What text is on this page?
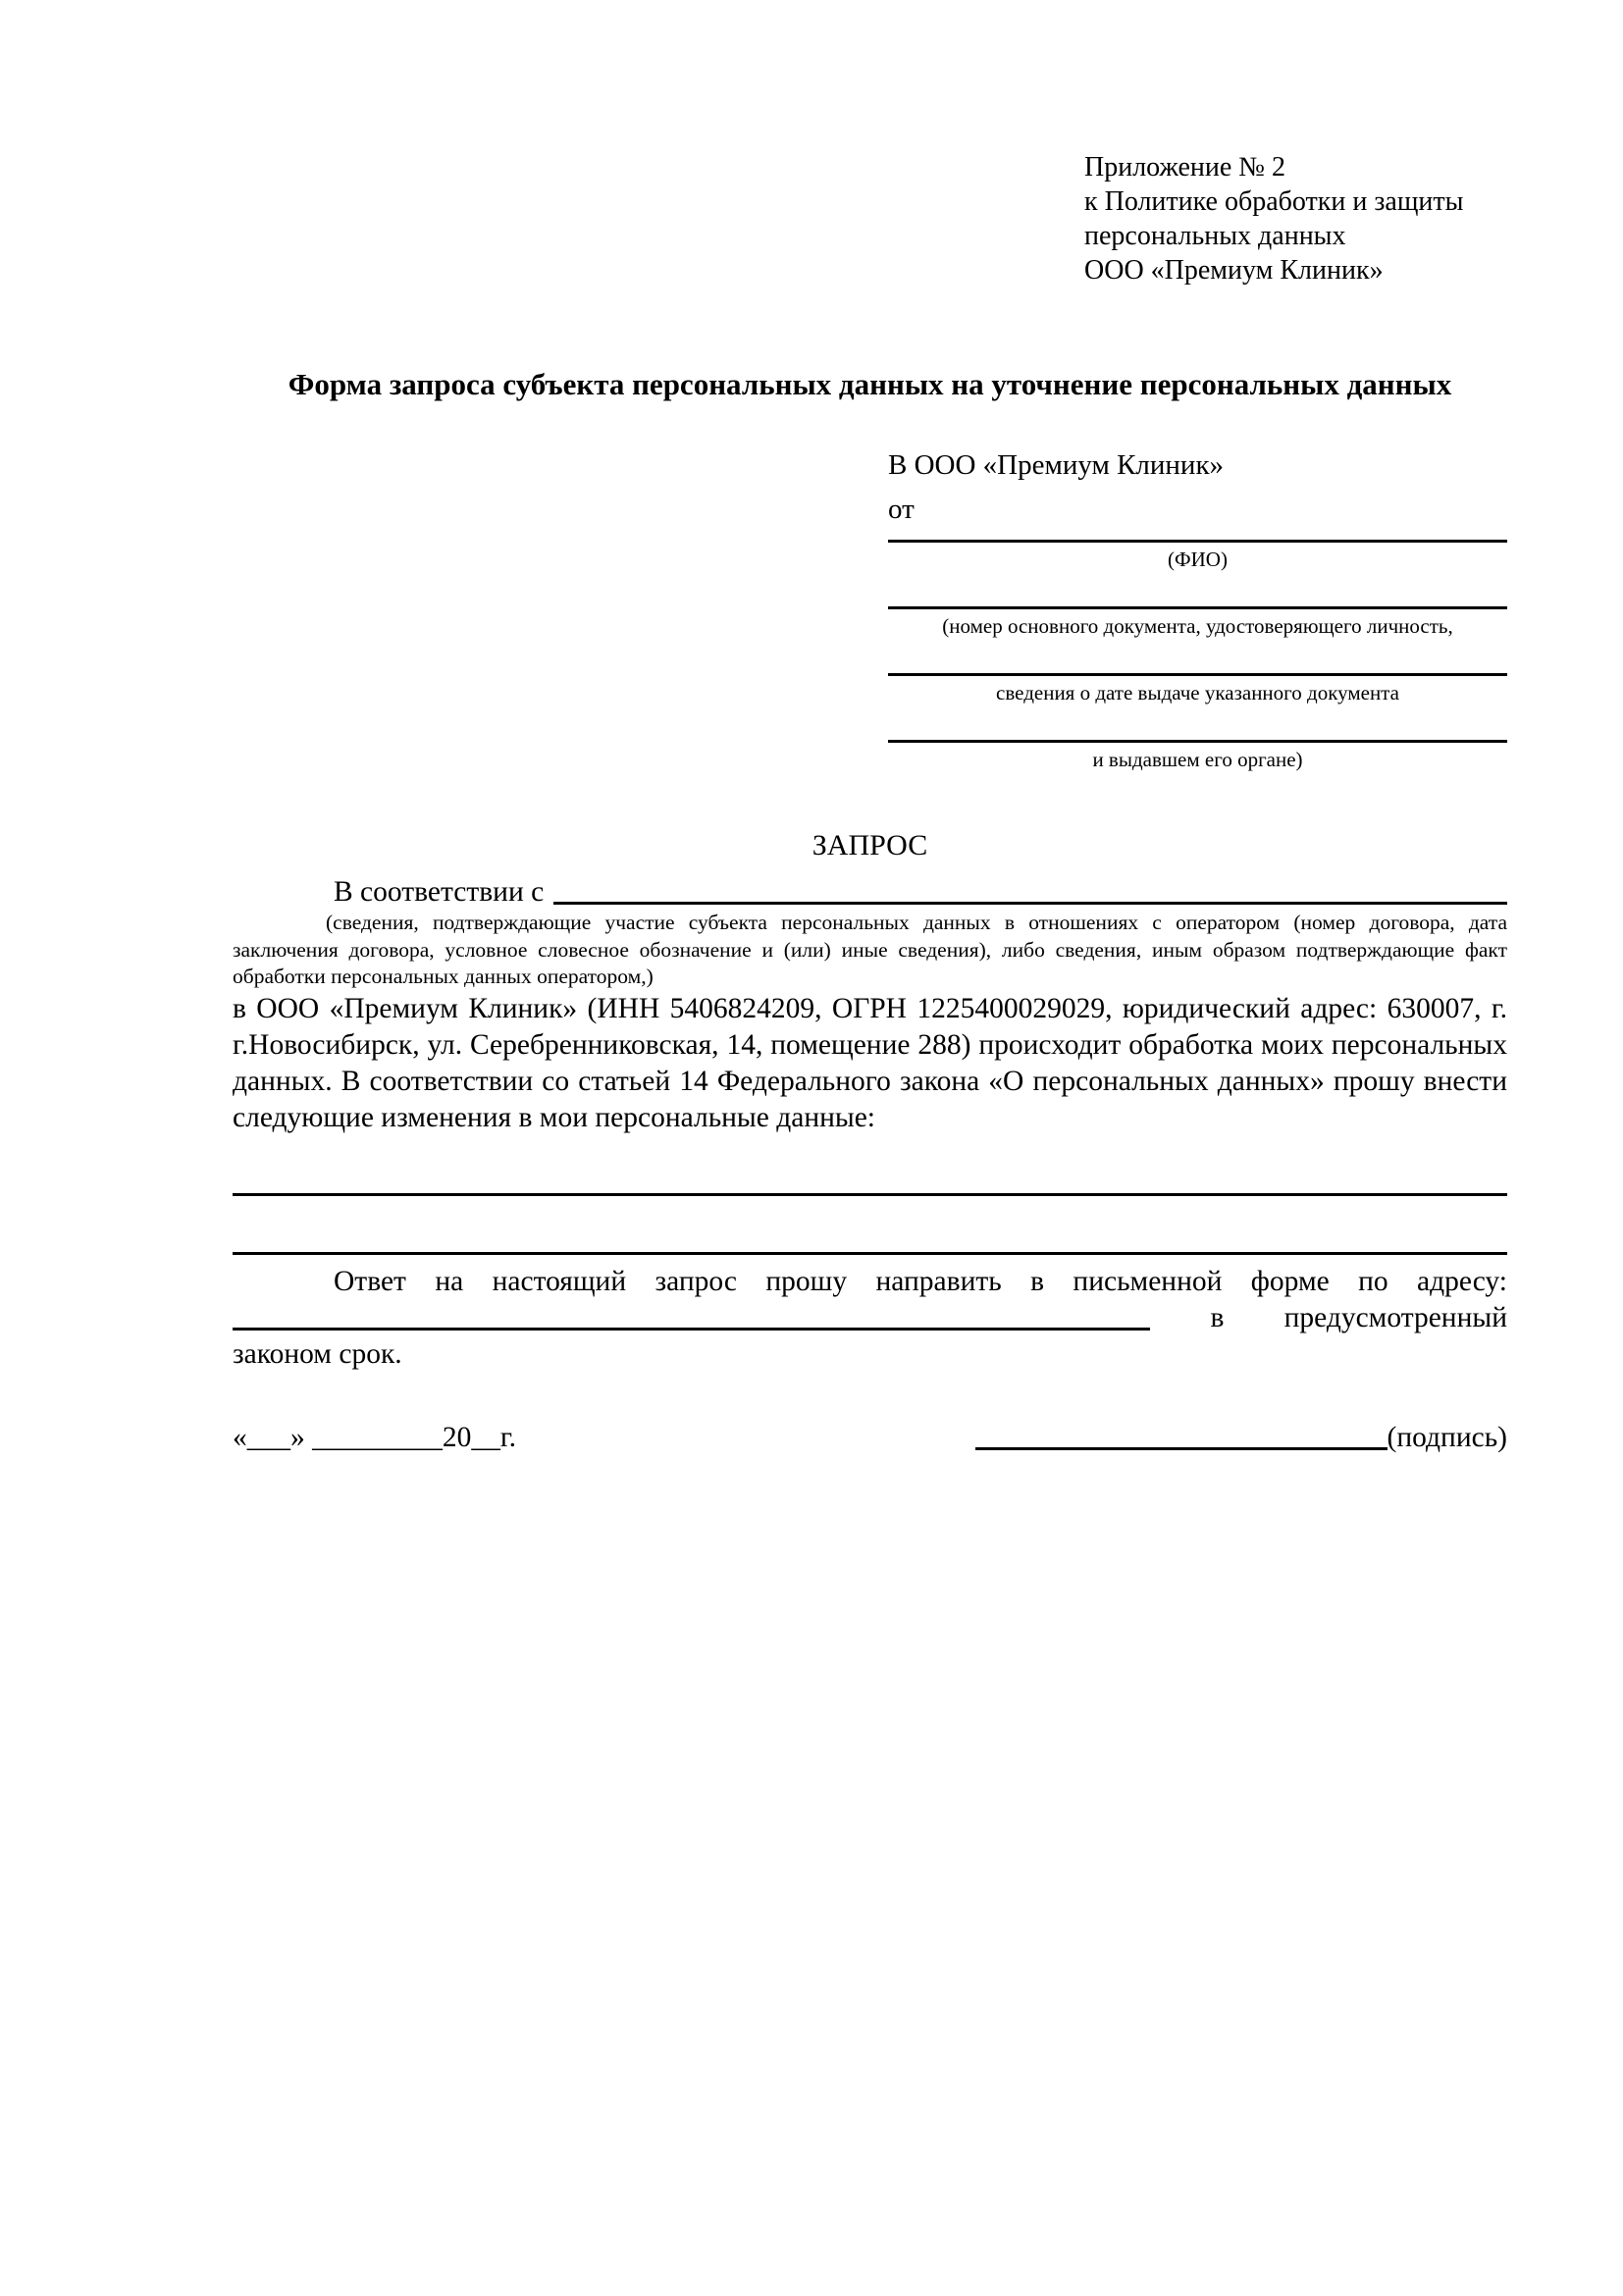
Приложение № 2
к Политике обработки и защиты
персональных данных
ООО «Премиум Клиник»
Форма запроса субъекта персональных данных на уточнение персональных данных
В ООО «Премиум Клиник»
от
(ФИО)
(номер основного документа, удостоверяющего личность,
сведения о дате выдаче указанного документа
и выдавшем его органе)
ЗАПРОС
В соответствии с
(сведения, подтверждающие участие субъекта персональных данных в отношениях с оператором (номер договора, дата заключения договора, условное словесное обозначение и (или) иные сведения), либо сведения, иным образом подтверждающие факт обработки персональных данных оператором,)
в ООО «Премиум Клиник» (ИНН 5406824209, ОГРН 1225400029029, юридический адрес: 630007, г. г.Новосибирск, ул. Серебренниковская, 14, помещение 288) происходит обработка моих персональных данных. В соответствии со статьей 14 Федерального закона «О персональных данных» прошу внести следующие изменения в мои персональные данные:
Ответ на настоящий запрос прошу направить в письменной форме по адресу:
в предусмотренный
законом срок.
«___» _________20__г.	(подпись)
